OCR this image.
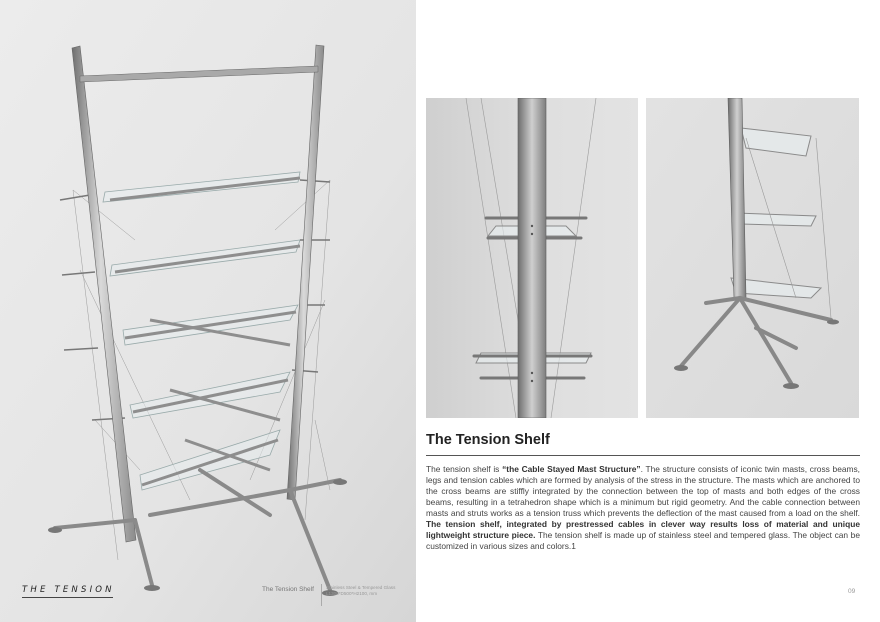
THE TENSION	The Tension Shelf	Stainless Steel & Tempered Glass
L1300*D500*H2100, mm
The Tension Shelf

The tension shelf is “the Cable Stayed Mast Structure”. The structure consists of iconic twin masts, cross beams, legs and tension cables which are formed by analysis of the stress in the structure. The masts which are anchored to the cross beams are stiffly integrated by the connection between the top of masts and both edges of the cross beams, resulting in a tetrahedron shape which is a minimum but rigid geometry. And the cable connection between masts and struts works as a tension truss which prevents the deflection of the mast caused from a load on the shelf. The tension shelf, integrated by prestressed cables in clever way results loss of material and unique lightweight structure piece. The tension shelf is made up of stainless steel and tempered glass. The object can be customized in various sizes and colors.1

09
